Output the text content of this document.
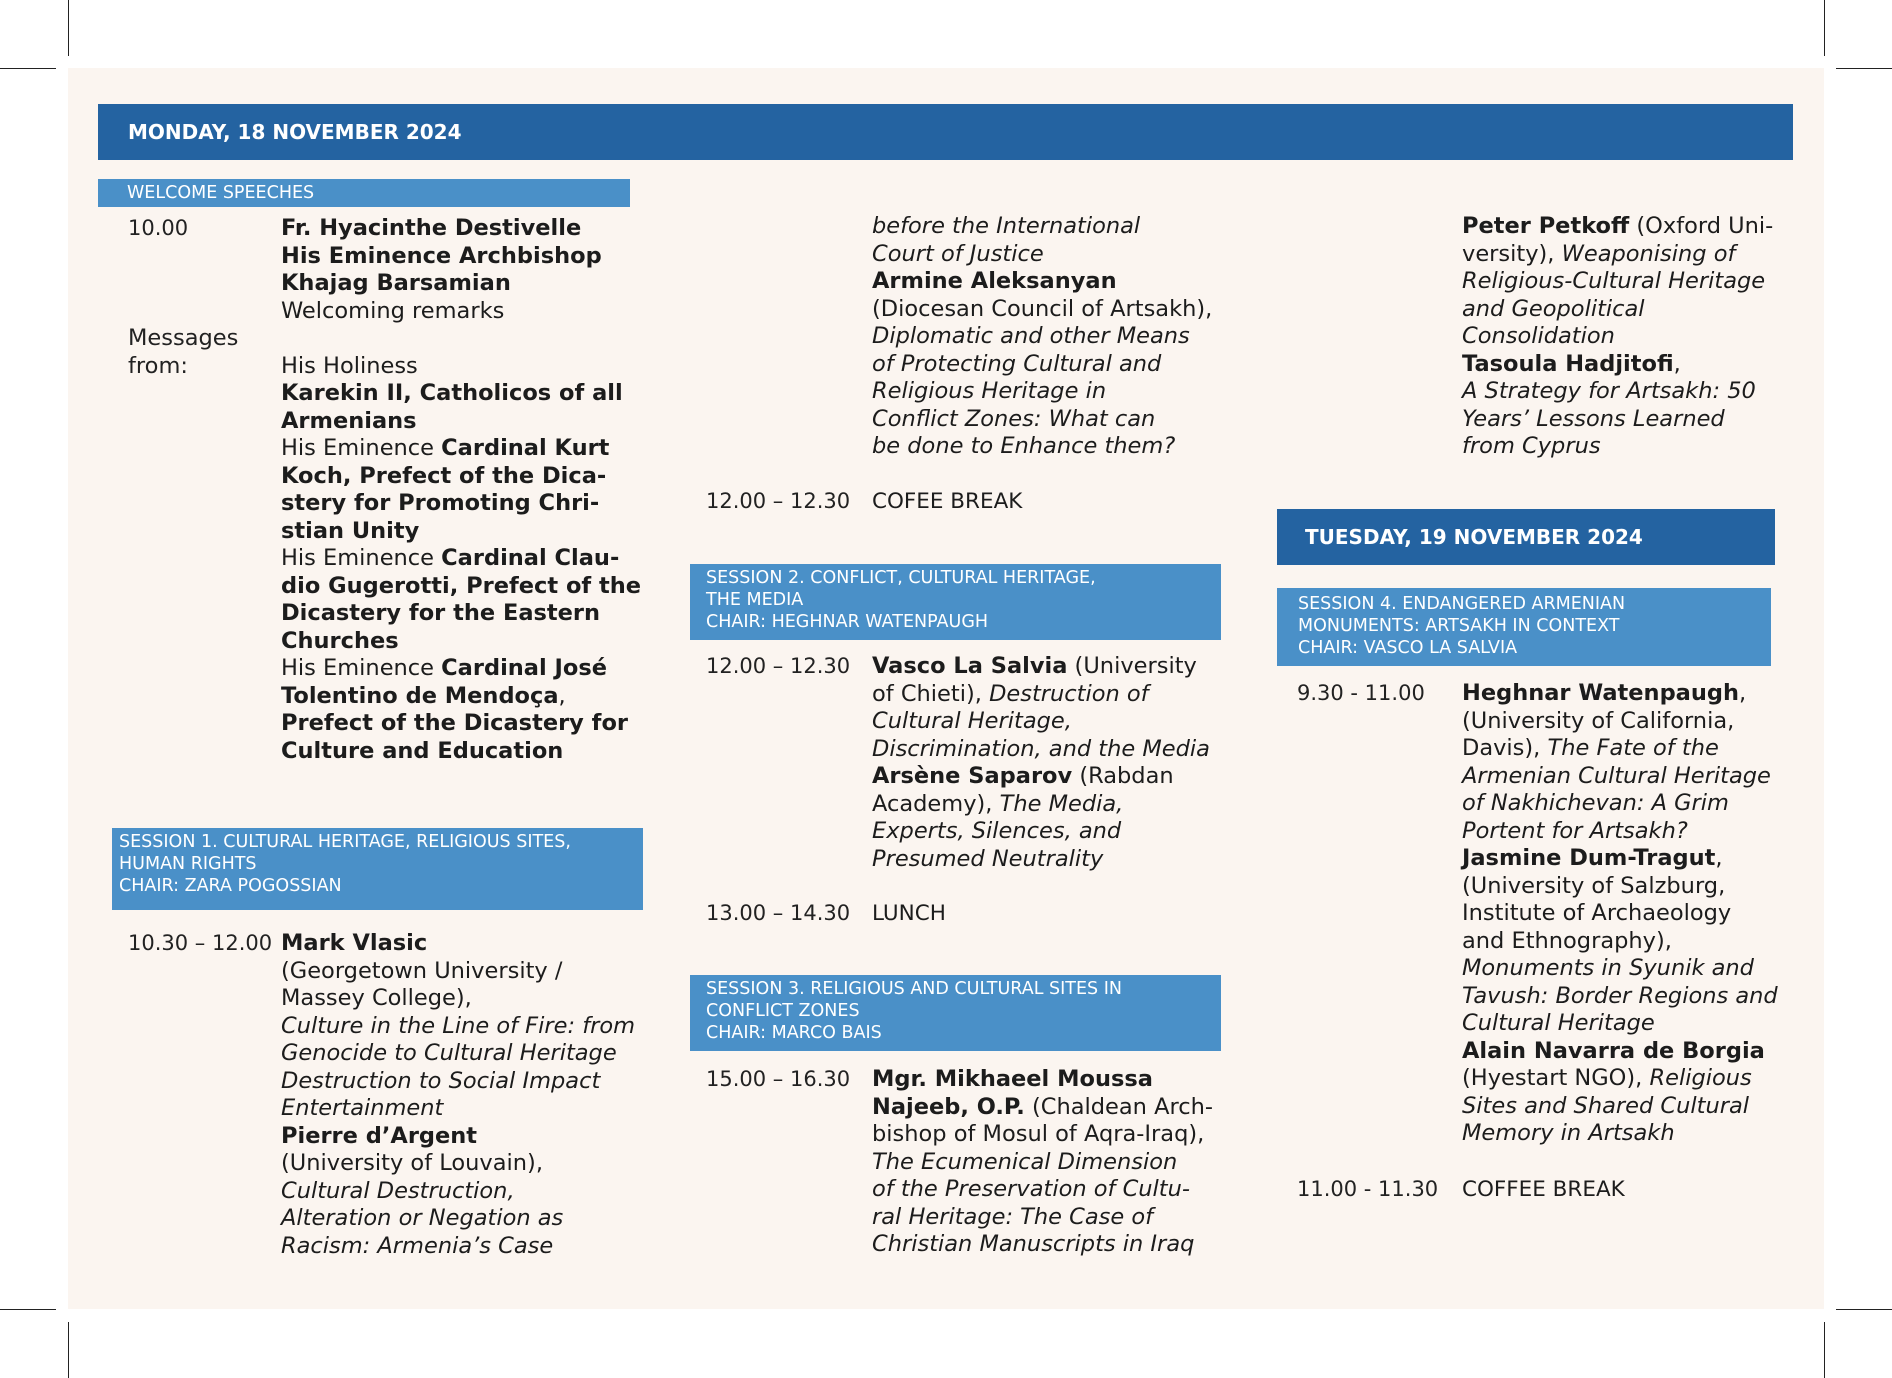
MONDAY, 18 NOVEMBER 2024
WELCOME SPEECHES
10.00
Messages
from:
Fr. Hyacinthe Destivelle
His Eminence Archbishop
Khajag Barsamian
Welcoming remarks

His Holiness
Karekin II, Catholicos of all
Armenians
His Eminence Cardinal Kurt
Koch, Prefect of the Dica-
stery for Promoting Chri-
stian Unity
His Eminence Cardinal Clau-
dio Gugerotti, Prefect of the
Dicastery for the Eastern
Churches
His Eminence Cardinal José
Tolentino de Mendoça,
Prefect of the Dicastery for
Culture and Education
SESSION 1. CULTURAL HERITAGE, RELIGIOUS SITES,
HUMAN RIGHTS
CHAIR: ZARA POGOSSIAN
10.30 – 12.00 Mark Vlasic
(Georgetown University /
Massey College),
Culture in the Line of Fire: from
Genocide to Cultural Heritage
Destruction to Social Impact
Entertainment
Pierre d’Argent
(University of Louvain),
Cultural Destruction,
Alteration or Negation as
Racism: Armenia’s Case
before the International
Court of Justice
Armine Aleksanyan
(Diocesan Council of Artsakh),
Diplomatic and other Means
of Protecting Cultural and
Religious Heritage in
Conflict Zones: What can
be done to Enhance them?
12.00 – 12.30 COFEE BREAK
SESSION 2. CONFLICT, CULTURAL HERITAGE,
THE MEDIA
CHAIR: HEGHNAR WATENPAUGH
12.00 – 12.30 Vasco La Salvia (University
of Chieti), Destruction of
Cultural Heritage,
Discrimination, and the Media
Arsène Saparov (Rabdan
Academy), The Media,
Experts, Silences, and
Presumed Neutrality
13.00 – 14.30 LUNCH
SESSION 3. RELIGIOUS AND CULTURAL SITES IN
CONFLICT ZONES
CHAIR: MARCO BAIS
15.00 – 16.30 Mgr. Mikhaeel Moussa
Najeeb, O.P. (Chaldean Arch-
bishop of Mosul of Aqra-Iraq),
The Ecumenical Dimension
of the Preservation of Cultu-
ral Heritage: The Case of
Christian Manuscripts in Iraq
Peter Petkoff (Oxford Uni-
versity), Weaponising of
Religious-Cultural Heritage
and Geopolitical
Consolidation
Tasoula Hadjitofi,
A Strategy for Artsakh: 50
Years’ Lessons Learned
from Cyprus
TUESDAY, 19 NOVEMBER 2024
SESSION 4. ENDANGERED ARMENIAN
MONUMENTS: ARTSAKH IN CONTEXT
CHAIR: VASCO LA SALVIA
9.30 - 11.00 Heghnar Watenpaugh,
(University of California,
Davis), The Fate of the
Armenian Cultural Heritage
of Nakhichevan: A Grim
Portent for Artsakh?
Jasmine Dum-Tragut,
(University of Salzburg,
Institute of Archaeology
and Ethnography),
Monuments in Syunik and
Tavush: Border Regions and
Cultural Heritage
Alain Navarra de Borgia
(Hyestart NGO), Religious
Sites and Shared Cultural
Memory in Artsakh
11.00 - 11.30 COFFEE BREAK
